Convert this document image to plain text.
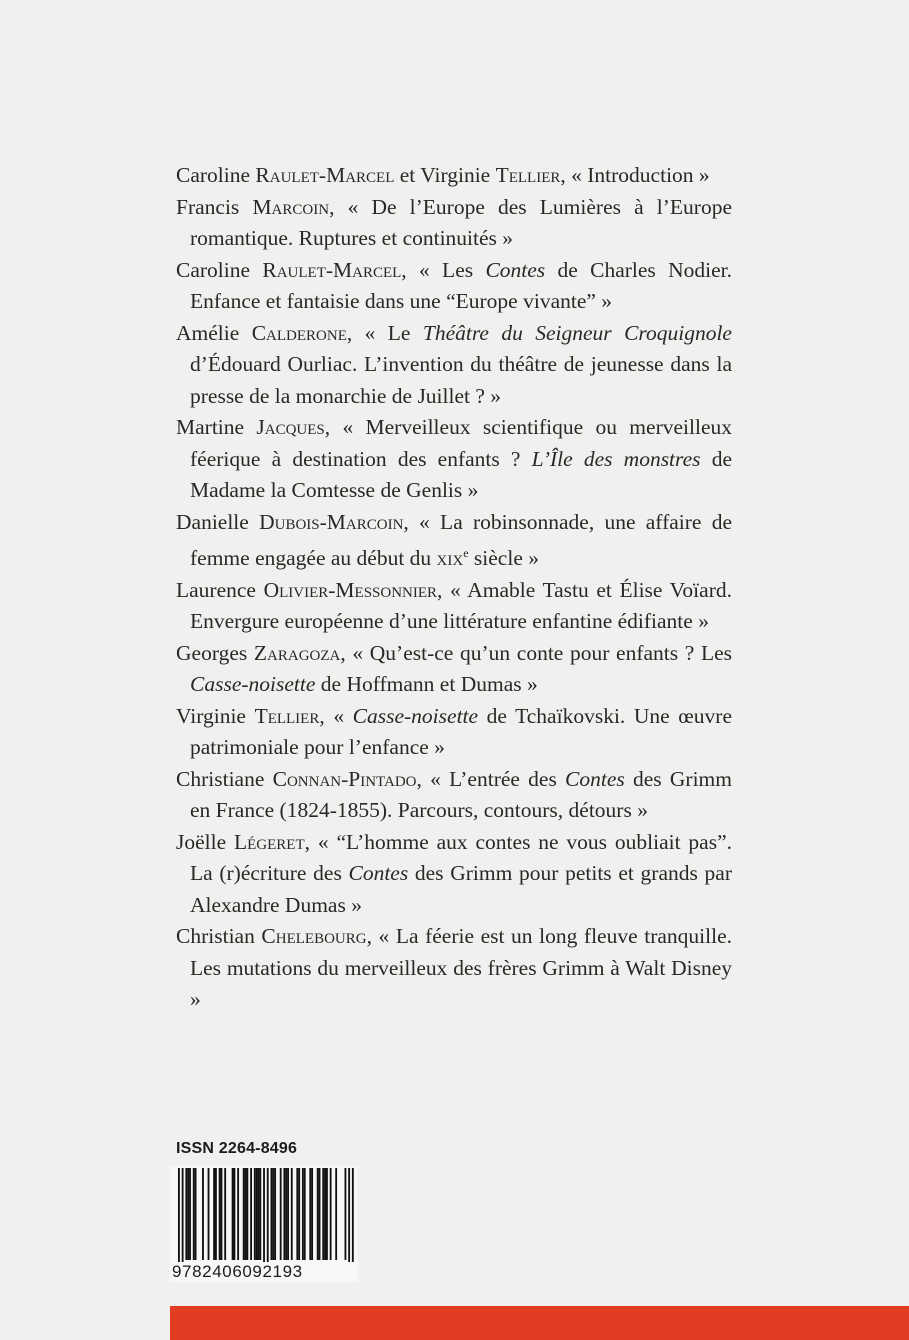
Caroline Raulet-Marcel et Virginie Tellier, « Introduction »

Francis Marcoin, « De l’Europe des Lumières à l’Europe romantique. Ruptures et continuités »

Caroline Raulet-Marcel, « Les Contes de Charles Nodier. Enfance et fantaisie dans une “Europe vivante” »

Amélie Calderone, « Le Théâtre du Seigneur Croquignole d’Édouard Ourliac. L’invention du théâtre de jeunesse dans la presse de la monarchie de Juillet ? »

Martine Jacques, « Merveilleux scientifique ou merveilleux féerique à destination des enfants ? L’Île des monstres de Madame la Comtesse de Genlis »

Danielle Dubois-Marcoin, « La robinsonnade, une affaire de femme engagée au début du xix$^e$ siècle »

Laurence Olivier-Messonnier, « Amable Tastu et Élise Voïard. Envergure européenne d’une littérature enfantine édifiante »

Georges Zaragoza, « Qu’est-ce qu’un conte pour enfants ? Les Casse-noisette de Hoffmann et Dumas »

Virginie Tellier, « Casse-noisette de Tchaïkovski. Une œuvre patrimoniale pour l’enfance »

Christiane Connan-Pintado, « L’entrée des Contes des Grimm en France (1824-1855). Parcours, contours, détours »

Joëlle Légeret, « “L’homme aux contes ne vous oubliait pas”. La (r)écriture des Contes des Grimm pour petits et grands par Alexandre Dumas »

Christian Chelebourg, « La féerie est un long fleuve tranquille. Les mutations du merveilleux des frères Grimm à Walt Disney »

ISSN 2264-8496
9782406092193
